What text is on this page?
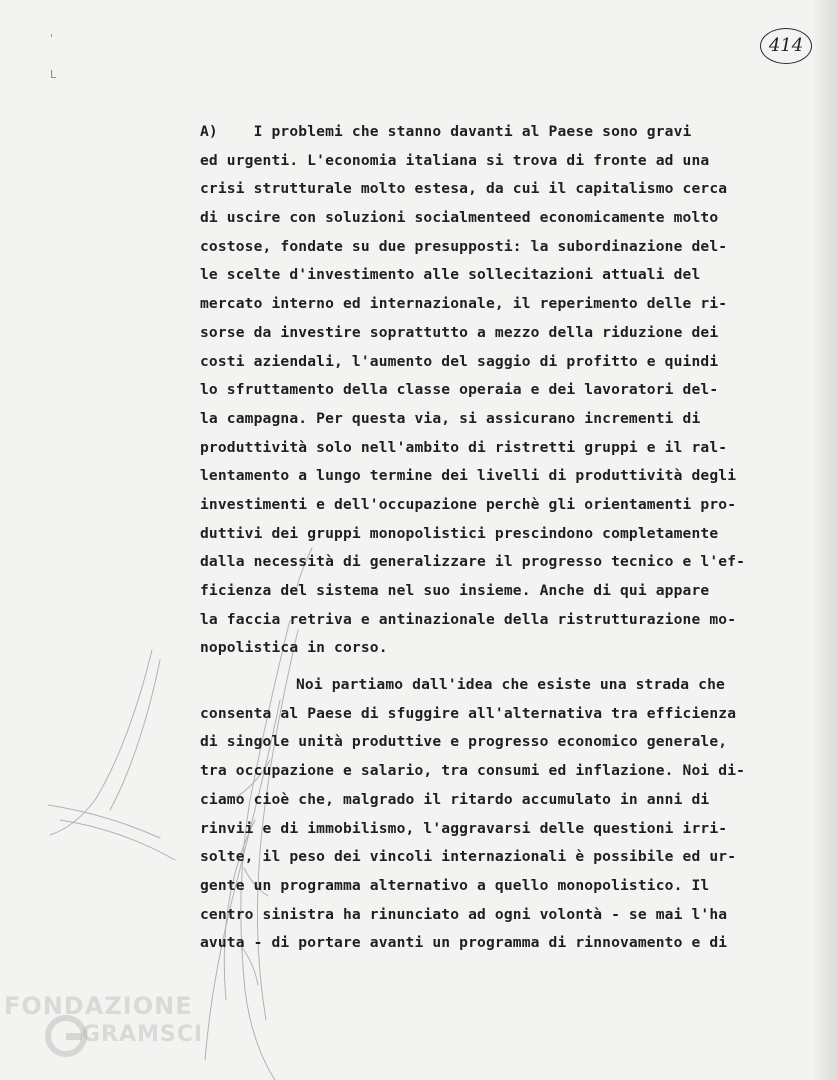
414
'
L
A)    I problemi che stanno davanti al Paese sono gravi
ed urgenti. L'economia italiana si trova di fronte ad una
crisi strutturale molto estesa, da cui il capitalismo cerca
di uscire con soluzioni socialmenteed economicamente molto
costose, fondate su due presupposti: la subordinazione del-
le scelte d'investimento alle sollecitazioni attuali del
mercato interno ed internazionale, il reperimento delle ri-
sorse da investire soprattutto a mezzo della riduzione dei
costi aziendali, l'aumento del saggio di profitto e quindi
lo sfruttamento della classe operaia e dei lavoratori del-
la campagna. Per questa via, si assicurano incrementi di
produttività solo nell'ambito di ristretti gruppi e il ral-
lentamento a lungo termine dei livelli di produttività degli
investimenti e dell'occupazione perchè gli orientamenti pro-
duttivi dei gruppi monopolistici prescindono completamente
dalla necessità di generalizzare il progresso tecnico e l'ef-
ficienza del sistema nel suo insieme. Anche di qui appare
la faccia retriva e antinazionale della ristrutturazione mo-
nopolistica in corso.
Noi partiamo dall'idea che esiste una strada che
consenta al Paese di sfuggire all'alternativa tra efficienza
di singole unità produttive e progresso economico generale,
tra occupazione e salario, tra consumi ed inflazione. Noi di-
ciamo cioè che, malgrado il ritardo accumulato in anni di
rinvii e di immobilismo, l'aggravarsi delle questioni irri-
solte, il peso dei vincoli internazionali è possibile ed ur-
gente un programma alternativo a quello monopolistico. Il
centro sinistra ha rinunciato ad ogni volontà - se mai l'ha
avuta - di portare avanti un programma di rinnovamento e di
FONDAZIONE
GRAMSCI
